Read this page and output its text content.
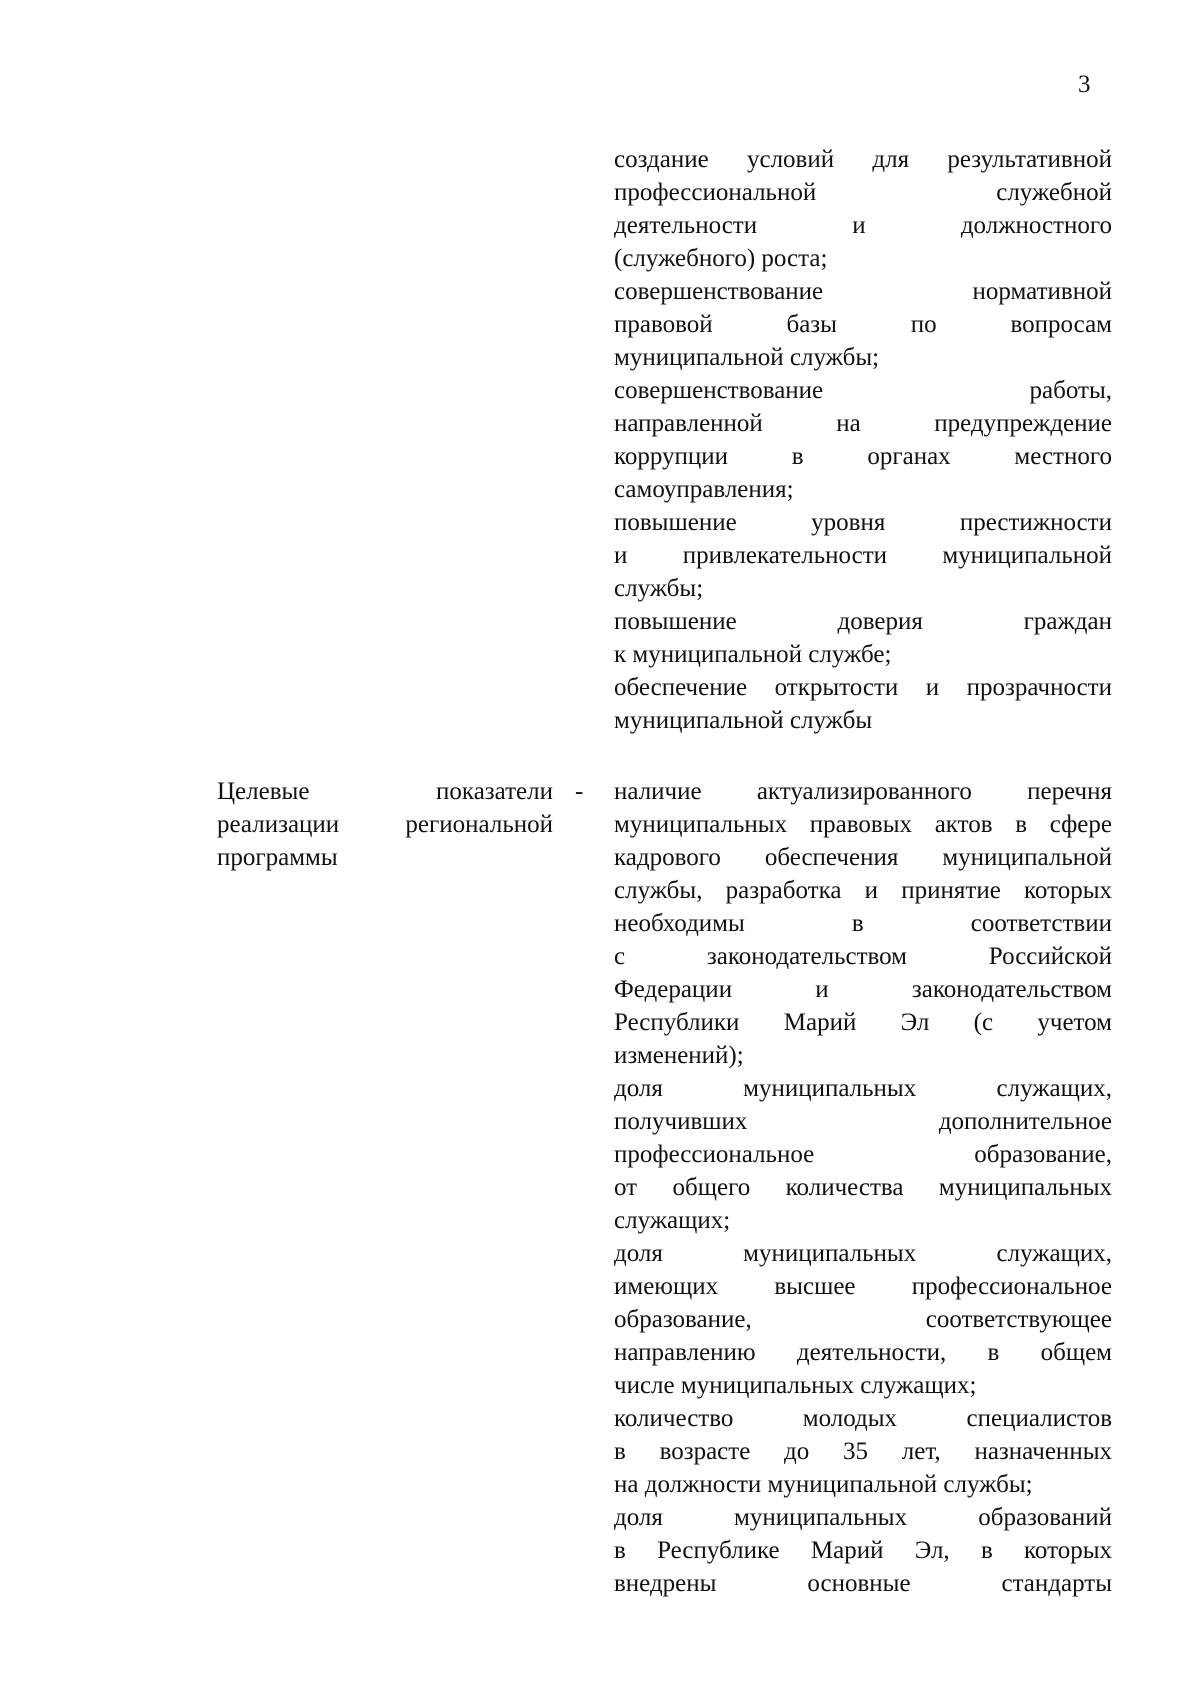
3
создание условий для результативной
профессиональной служебной
деятельности и должностного
(служебного) роста;
совершенствование нормативной
правовой базы по вопросам
муниципальной службы;
совершенствование работы,
направленной на предупреждение
коррупции в органах местного
самоуправления;
повышение уровня престижности
и привлекательности муниципальной
службы;
повышение доверия граждан
к муниципальной службе;
обеспечение открытости и прозрачности
муниципальной службы
Целевые показатели
реализации региональной
программы
- наличие актуализированного перечня
муниципальных правовых актов в сфере
кадрового обеспечения муниципальной
службы, разработка и принятие которых
необходимы в соответствии
с законодательством Российской
Федерации и законодательством
Республики Марий Эл (с учетом
изменений);
доля муниципальных служащих,
получивших дополнительное
профессиональное образование,
от общего количества муниципальных
служащих;
доля муниципальных служащих,
имеющих высшее профессиональное
образование, соответствующее
направлению деятельности, в общем
числе муниципальных служащих;
количество молодых специалистов
в возрасте до 35 лет, назначенных
на должности муниципальной службы;
доля муниципальных образований
в Республике Марий Эл, в которых
внедрены основные стандарты
